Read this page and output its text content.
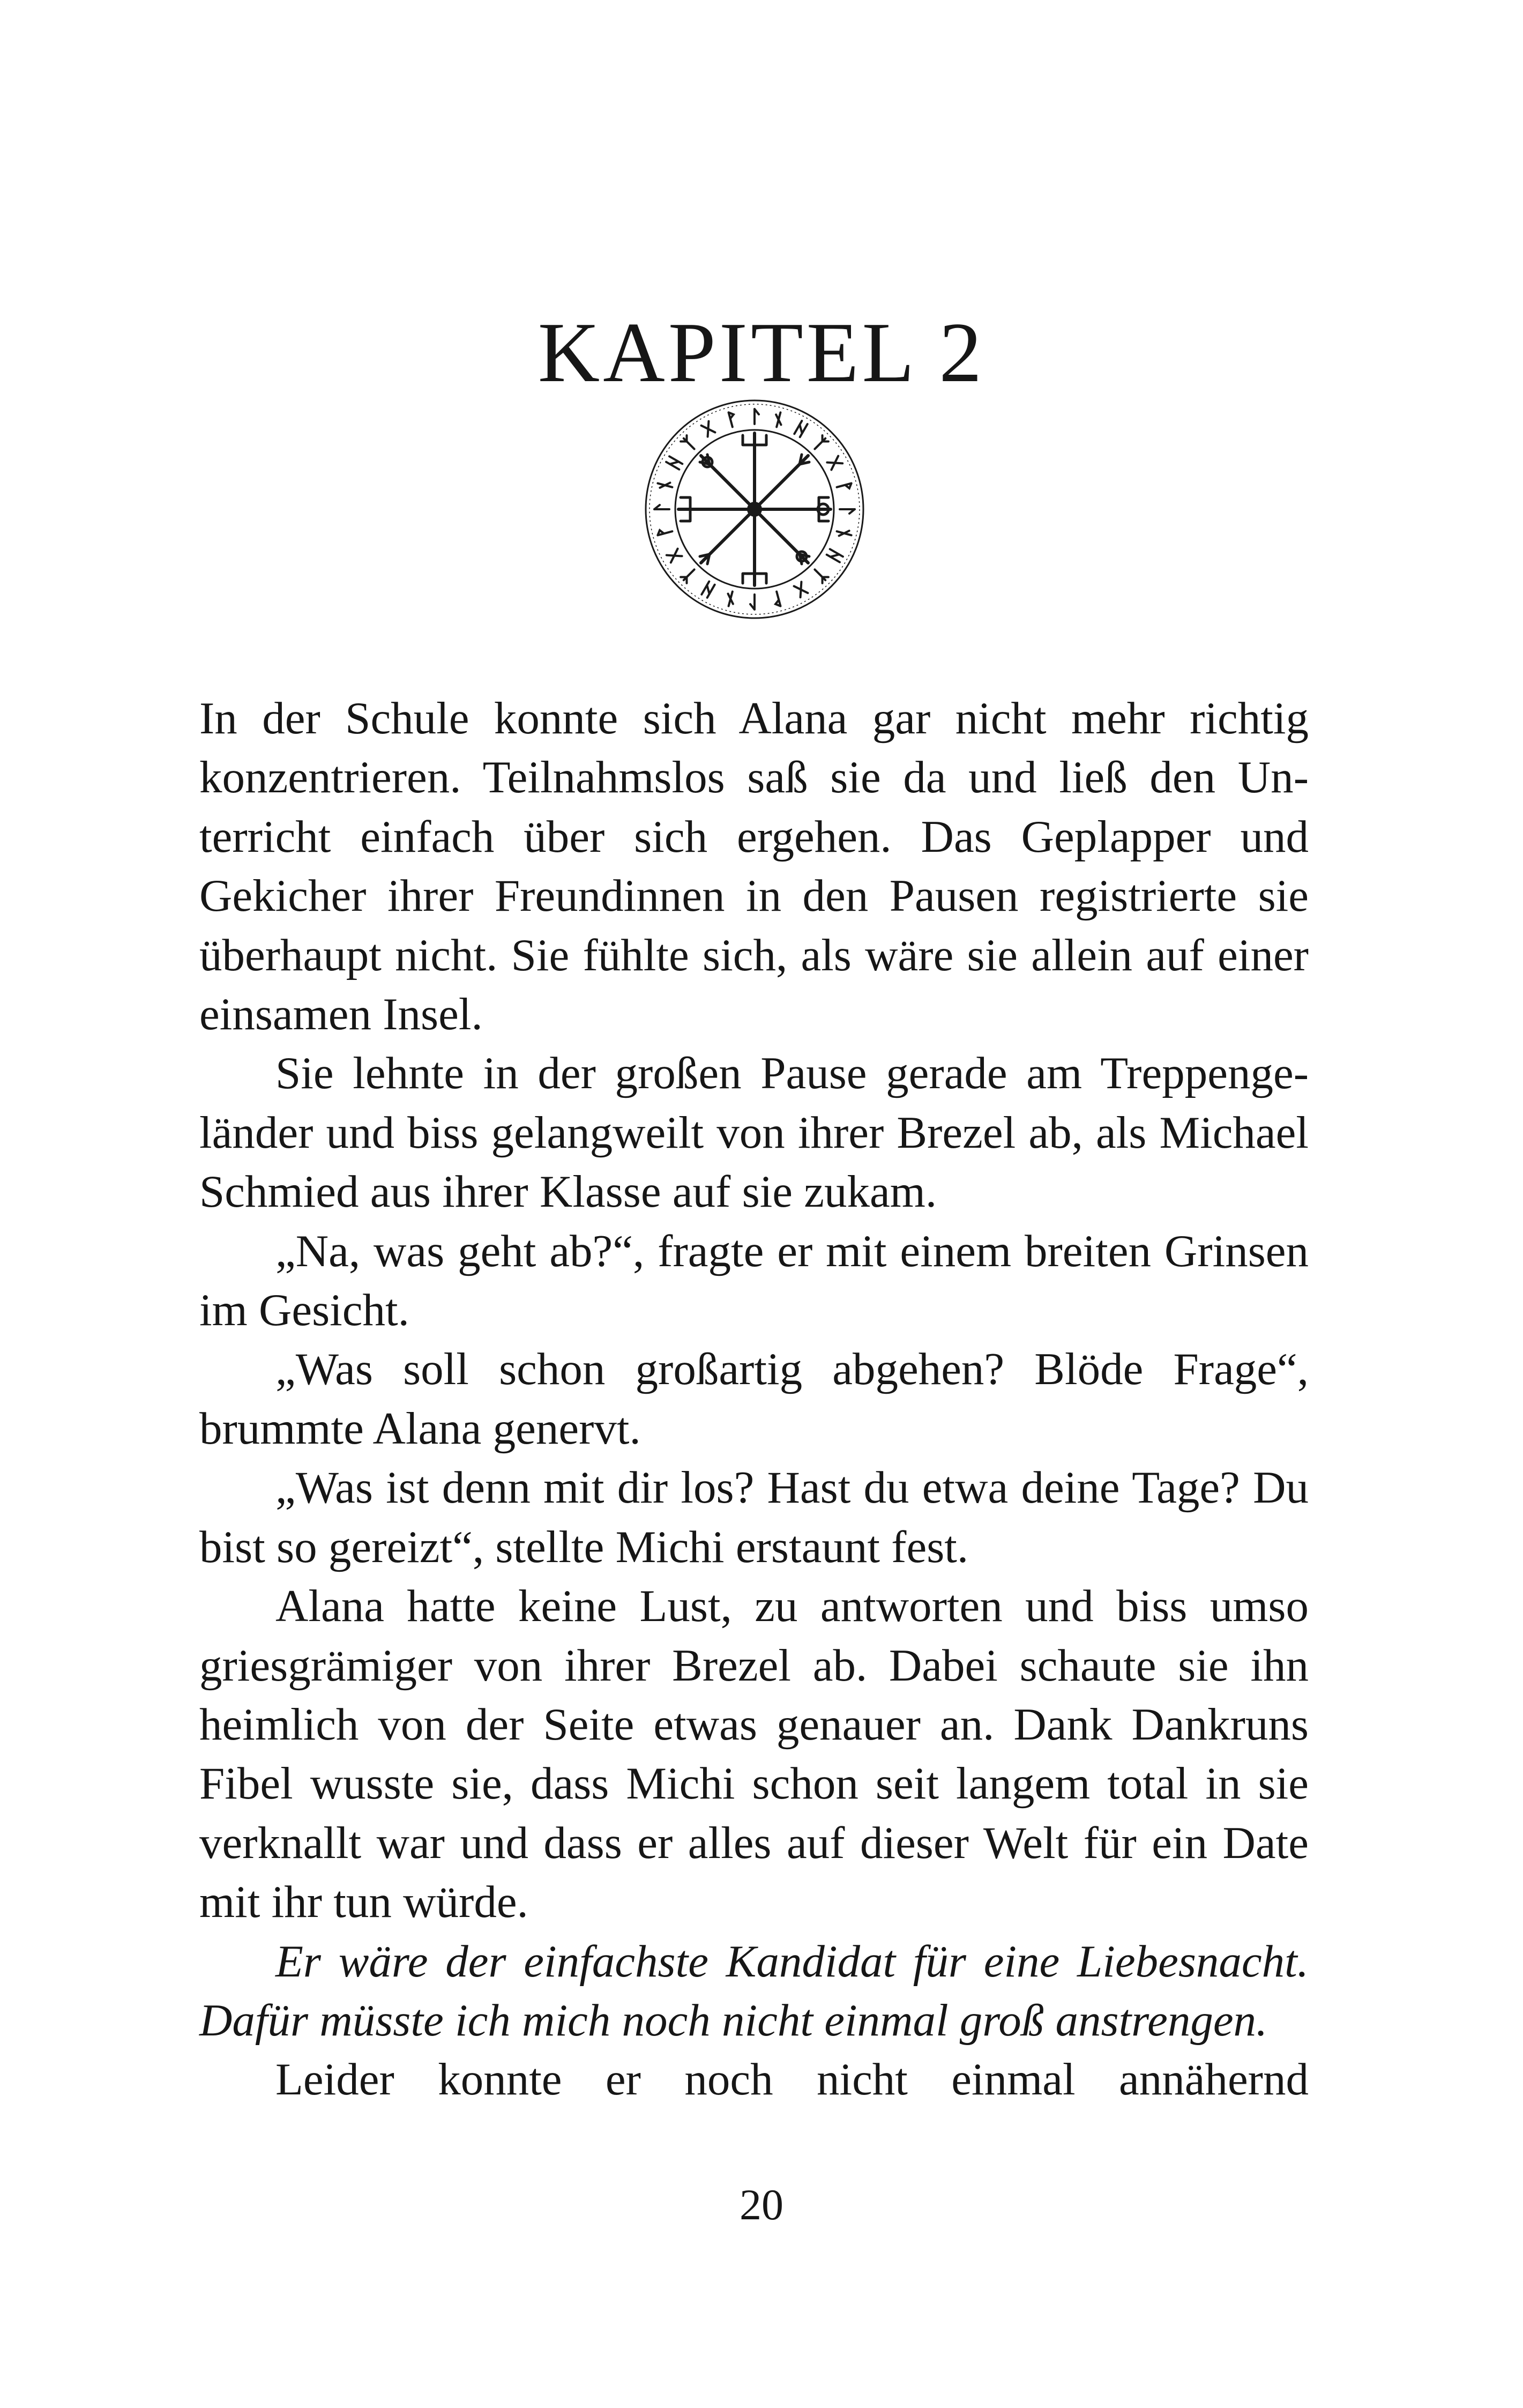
KAPITEL 2

In der Schule konnte sich Alana gar nicht mehr richtig konzentrieren. Teilnahmslos saß sie da und ließ den Unterricht einfach über sich ergehen. Das Geplapper und Gekicher ihrer Freundinnen in den Pausen registrierte sie überhaupt nicht. Sie fühlte sich, als wäre sie allein auf einer einsamen Insel.

Sie lehnte in der großen Pause gerade am Treppengeländer und biss gelangweilt von ihrer Brezel ab, als Michael Schmied aus ihrer Klasse auf sie zukam.

„Na, was geht ab?“, fragte er mit einem breiten Grinsen im Gesicht.

„Was soll schon großartig abgehen? Blöde Frage“, brummte Alana genervt.

„Was ist denn mit dir los? Hast du etwa deine Tage? Du bist so gereizt“, stellte Michi erstaunt fest.

Alana hatte keine Lust, zu antworten und biss umso griesgrämiger von ihrer Brezel ab. Dabei schaute sie ihn heimlich von der Seite etwas genauer an. Dank Dankruns Fibel wusste sie, dass Michi schon seit langem total in sie verknallt war und dass er alles auf dieser Welt für ein Date mit ihr tun würde.

Er wäre der einfachste Kandidat für eine Liebesnacht. Dafür müsste ich mich noch nicht einmal groß anstrengen.

Leider konnte er noch nicht einmal annähernd

20
